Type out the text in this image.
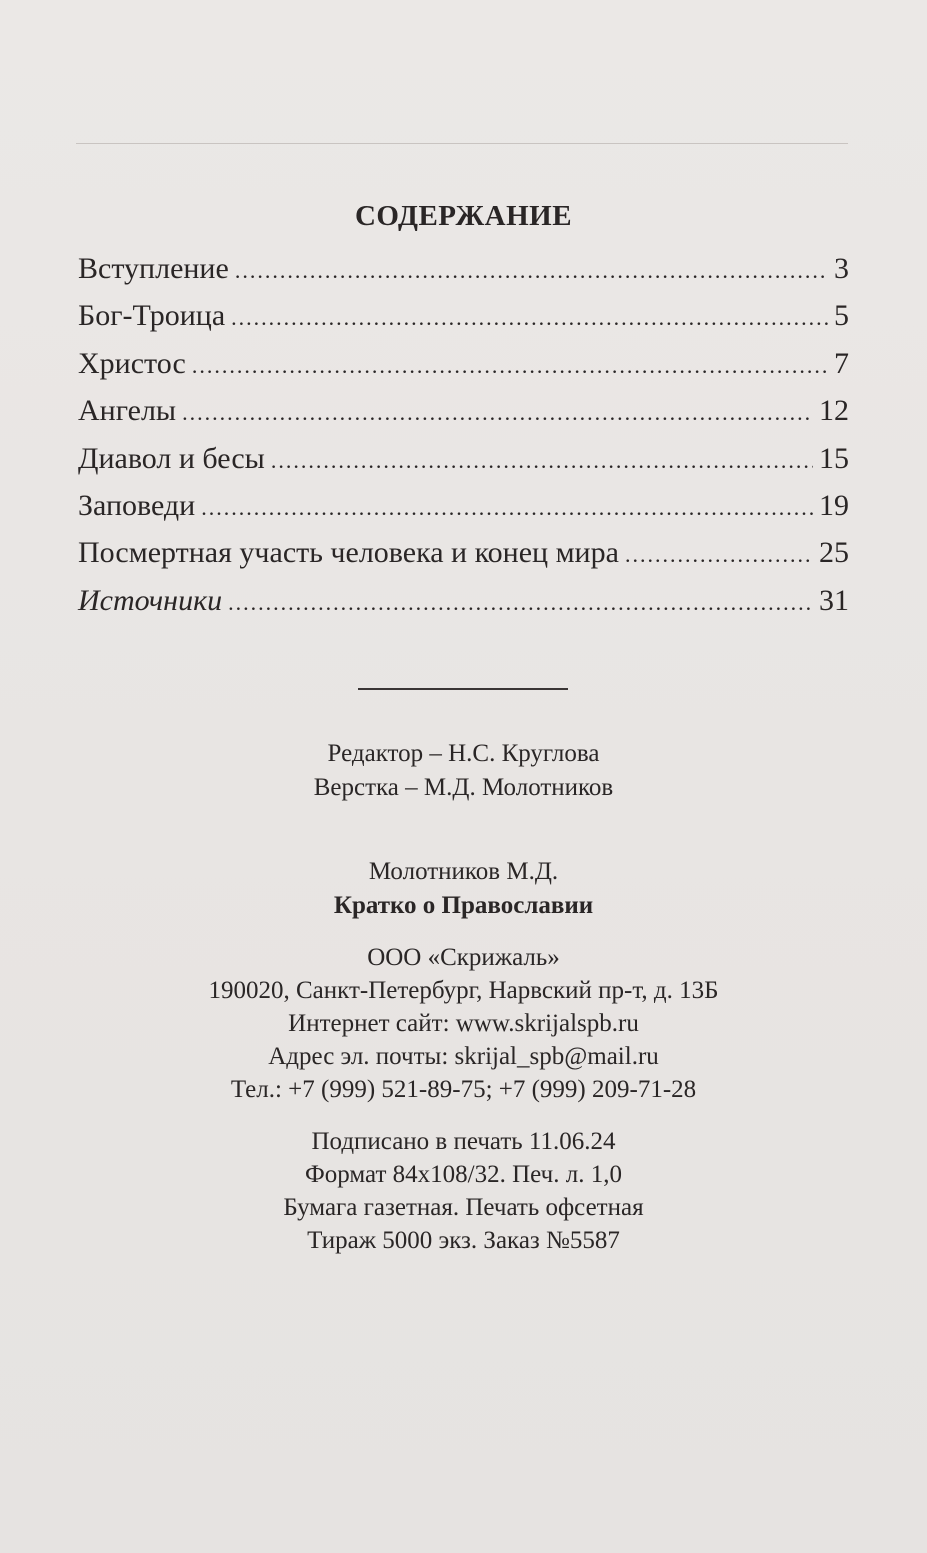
СОДЕРЖАНИЕ
Вступление .....	3
Бог-Троица .....	5
Христос .....	7
Ангелы .....	12
Диавол и бесы .....	15
Заповеди .....	19
Посмертная участь человека и конец мира .....	25
Источники .....	31
Редактор – Н.С. Круглова
Верстка – М.Д. Молотников
Молотников М.Д.
Кратко о Православии
ООО «Скрижаль»
190020, Санкт-Петербург, Нарвский пр-т, д. 13Б
Интернет сайт: www.skrijalspb.ru
Адрес эл. почты: skrijal_spb@mail.ru
Тел.: +7 (999) 521-89-75; +7 (999) 209-71-28
Подписано в печать 11.06.24
Формат 84х108/32. Печ. л. 1,0
Бумага газетная. Печать офсетная
Тираж 5000 экз. Заказ №5587
